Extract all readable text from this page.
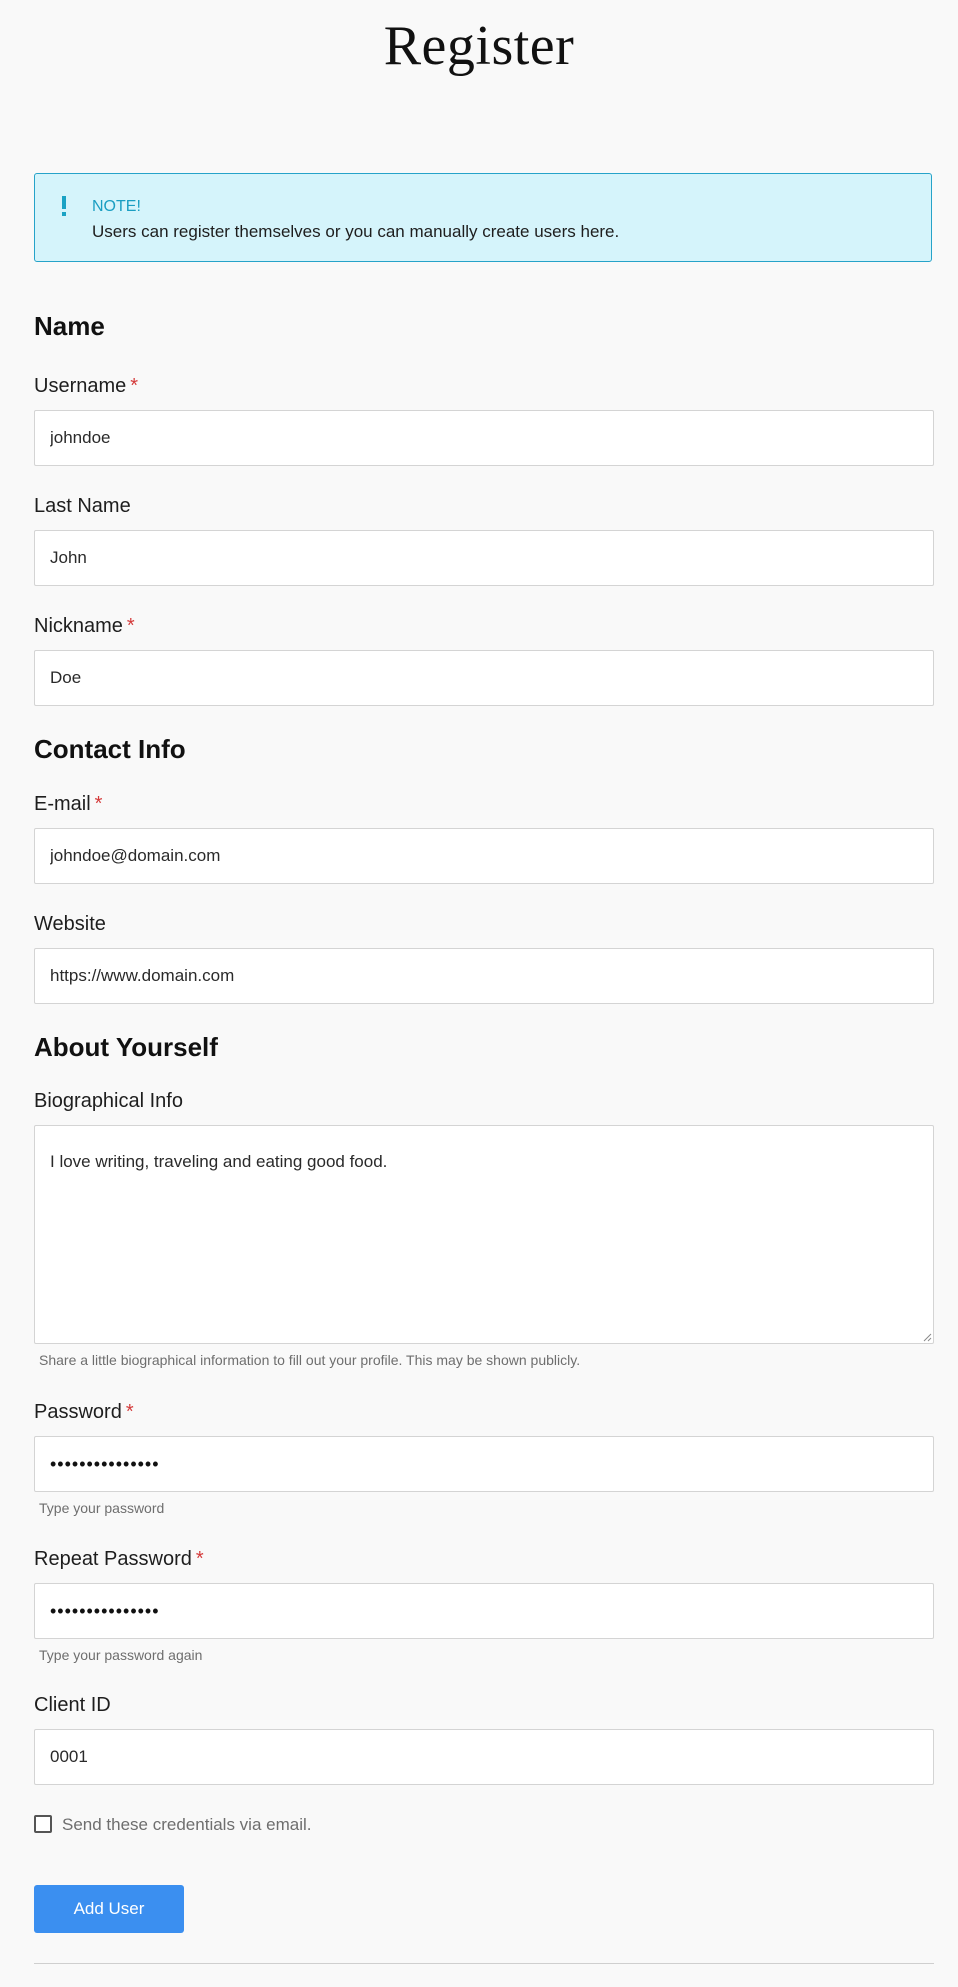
Register
NOTE!
Users can register themselves or you can manually create users here.
Name
Username *
johndoe
Last Name
John
Nickname *
Doe
Contact Info
E-mail *
johndoe@domain.com
Website
https://www.domain.com
About Yourself
Biographical Info
I love writing, traveling and eating good food.
Share a little biographical information to fill out your profile. This may be shown publicly.
Password *
•••••••••••••••
Type your password
Repeat Password *
•••••••••••••••
Type your password again
Client ID
0001
Send these credentials via email.
Add User
